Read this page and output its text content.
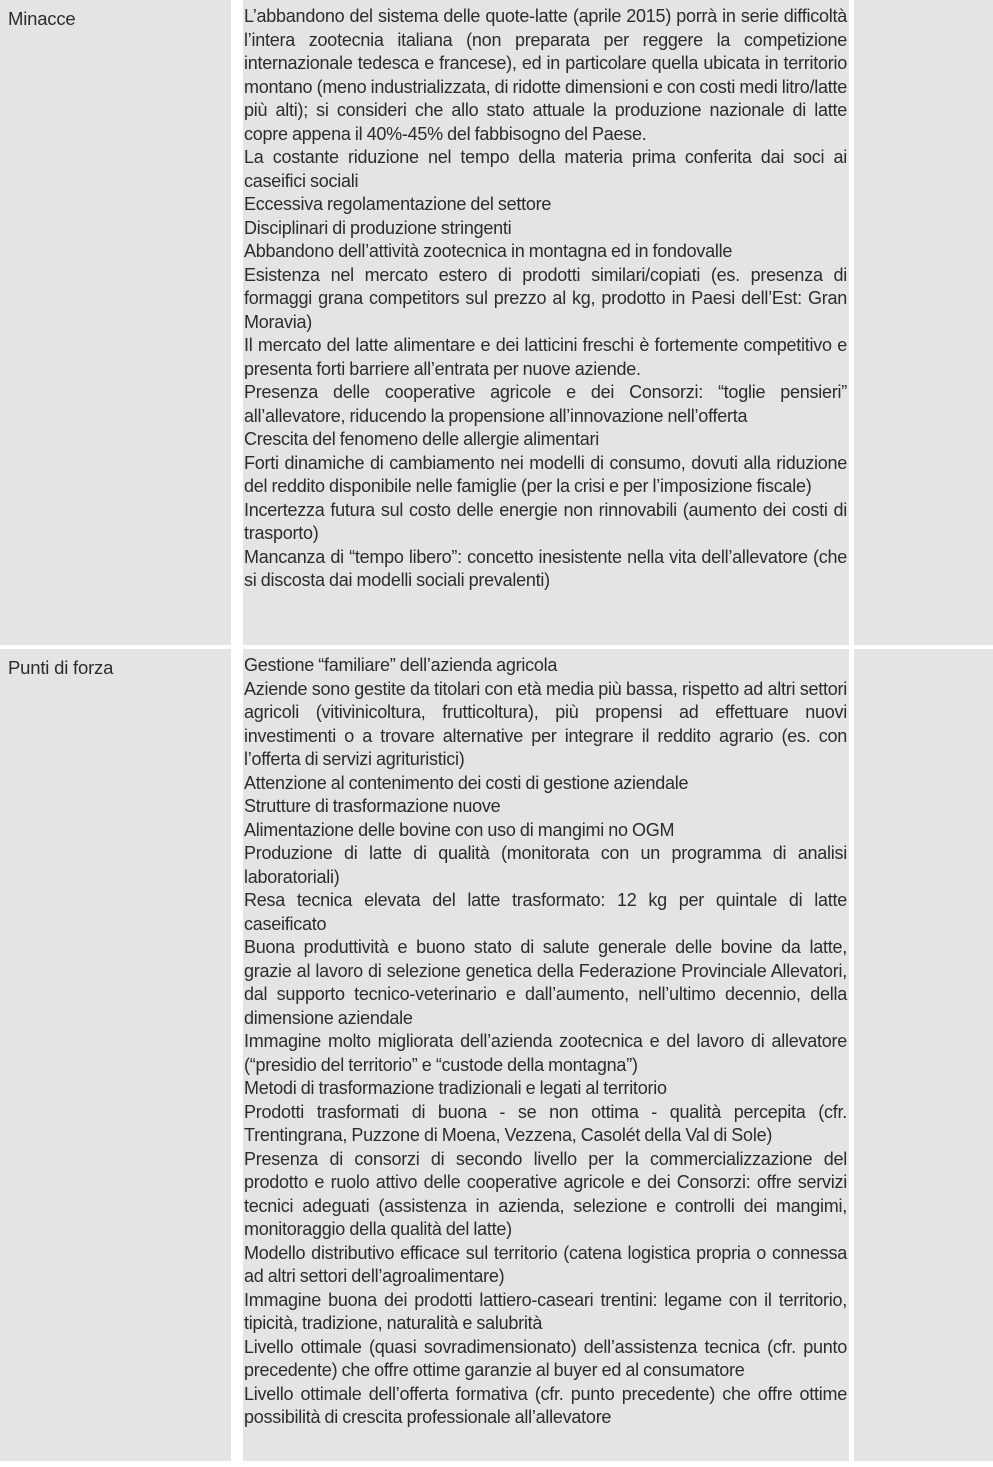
Minacce	L’abbandono del sistema delle quote-latte (aprile 2015) porrà in serie difficoltà l’intera zootecnia italiana (non preparata per reggere la competizione internazionale tedesca e francese), ed in particolare quella ubicata in territorio montano (meno industrializzata, di ridotte dimensioni e con costi medi litro/latte più alti); si consideri che allo stato attuale la produzione nazionale di latte copre appena il 40%-45% del fabbisogno del Paese.

La costante riduzione nel tempo della materia prima conferita dai soci ai caseifici sociali

Eccessiva regolamentazione del settore

Disciplinari di produzione stringenti

Abbandono dell’attività zootecnica in montagna ed in fondovalle

Esistenza nel mercato estero di prodotti similari/copiati (es. presenza di formaggi grana competitors sul prezzo al kg, prodotto in Paesi dell’Est: Gran Moravia)

Il mercato del latte alimentare e dei latticini freschi è fortemente competitivo e presenta forti barriere all’entrata per nuove aziende.

Presenza delle cooperative agricole e dei Consorzi: “toglie pensieri” all’allevatore, riducendo la propensione all’innovazione nell’offerta

Crescita del fenomeno delle allergie alimentari

Forti dinamiche di cambiamento nei modelli di consumo, dovuti alla riduzione del reddito disponibile nelle famiglie (per la crisi e per l’imposizione fiscale)

Incertezza futura sul costo delle energie non rinnovabili (aumento dei costi di trasporto)

Mancanza di “tempo libero”: concetto inesistente nella vita dell’allevatore (che si discosta dai modelli sociali prevalenti)

Punti di forza	Gestione “familiare” dell’azienda agricola

Aziende sono gestite da titolari con età media più bassa, rispetto ad altri settori agricoli (vitivinicoltura, frutticoltura), più propensi ad effettuare nuovi investimenti o a trovare alternative per integrare il reddito agrario (es. con l’offerta di servizi agrituristici)

Attenzione al contenimento dei costi di gestione aziendale

Strutture di trasformazione nuove

Alimentazione delle bovine con uso di mangimi no OGM

Produzione di latte di qualità (monitorata con un programma di analisi laboratoriali)

Resa tecnica elevata del latte trasformato: 12 kg per quintale di latte caseificato

Buona produttività e buono stato di salute generale delle bovine da latte, grazie al lavoro di selezione genetica della Federazione Provinciale Allevatori, dal supporto tecnico-veterinario e dall’aumento, nell’ultimo decennio, della dimensione aziendale

Immagine molto migliorata dell’azienda zootecnica e del lavoro di allevatore (“presidio del territorio” e “custode della montagna”)

Metodi di trasformazione tradizionali e legati al territorio

Prodotti trasformati di buona - se non ottima - qualità percepita (cfr. Trentingrana, Puzzone di Moena, Vezzena, Casolét della Val di Sole)

Presenza di consorzi di secondo livello per la commercializzazione del prodotto e ruolo attivo delle cooperative agricole e dei Consorzi: offre servizi tecnici adeguati (assistenza in azienda, selezione e controlli dei mangimi, monitoraggio della qualità del latte)

Modello distributivo efficace sul territorio (catena logistica propria o connessa ad altri settori dell’agroalimentare)

Immagine buona dei prodotti lattiero-caseari trentini: legame con il territorio, tipicità, tradizione, naturalità e salubrità

Livello ottimale (quasi sovradimensionato) dell’assistenza tecnica (cfr. punto precedente) che offre ottime garanzie al buyer ed al consumatore

Livello ottimale dell’offerta formativa (cfr. punto precedente) che offre ottime possibilità di crescita professionale all’allevatore
